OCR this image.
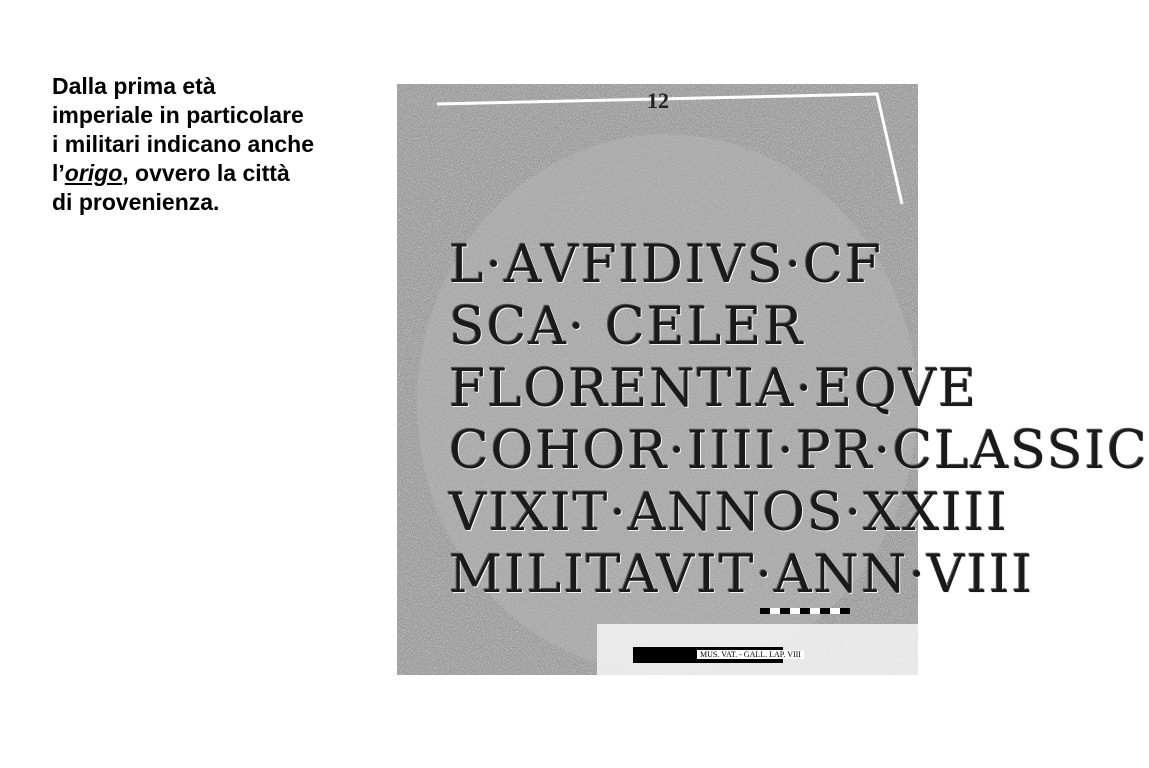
Dalla prima età
imperiale in particolare
i militari indicano anche
l’origo, ovvero la città
di provenienza.
12
L·AVFIDIVS·CF
SCA· CELER
FLORENTIA·EQVE
COHOR·IIII·PR·CLASSIC
VIXIT·ANNOS·XXIII
MILITAVIT·ANN·VIII
MUS. VAT. - GALL. LAP. VIII
